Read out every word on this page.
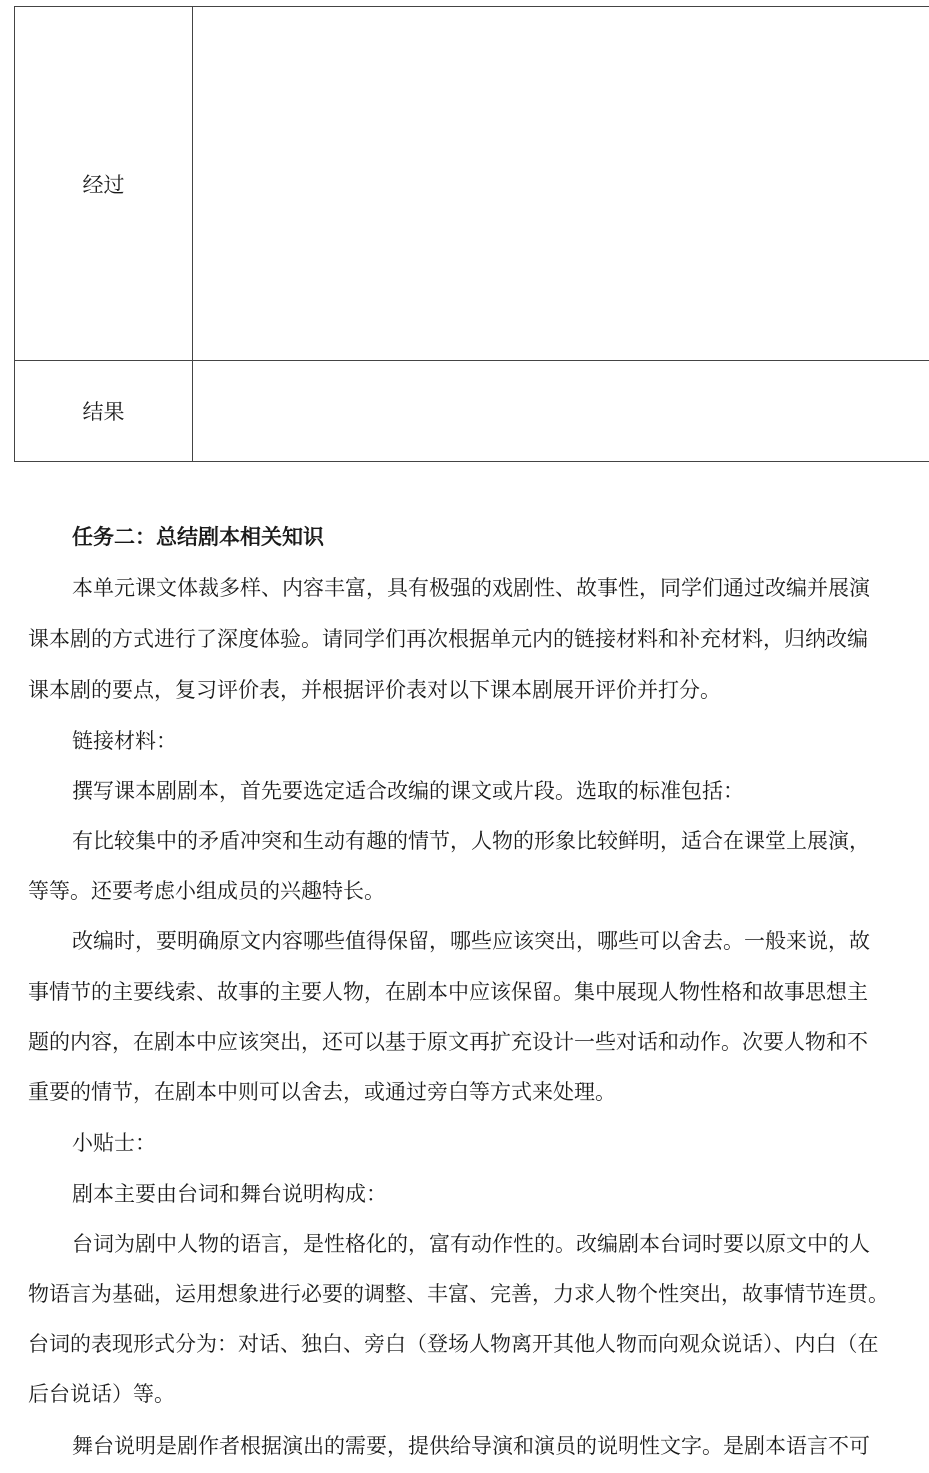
经过
结果
任务二：总结剧本相关知识
本单元课文体裁多样、内容丰富，具有极强的戏剧性、故事性，同学们通过改编并展演
课本剧的方式进行了深度体验。请同学们再次根据单元内的链接材料和补充材料，归纳改编
课本剧的要点，复习评价表，并根据评价表对以下课本剧展开评价并打分。
链接材料：
撰写课本剧剧本，首先要选定适合改编的课文或片段。选取的标准包括：
有比较集中的矛盾冲突和生动有趣的情节，人物的形象比较鲜明，适合在课堂上展演，
等等。还要考虑小组成员的兴趣特长。
改编时，要明确原文内容哪些值得保留，哪些应该突出，哪些可以舍去。一般来说，故
事情节的主要线索、故事的主要人物，在剧本中应该保留。集中展现人物性格和故事思想主
题的内容，在剧本中应该突出，还可以基于原文再扩充设计一些对话和动作。次要人物和不
重要的情节，在剧本中则可以舍去，或通过旁白等方式来处理。
小贴士：
剧本主要由台词和舞台说明构成：
台词为剧中人物的语言，是性格化的，富有动作性的。改编剧本台词时要以原文中的人
物语言为基础，运用想象进行必要的调整、丰富、完善，力求人物个性突出，故事情节连贯。
台词的表现形式分为：对话、独白、旁白（登场人物离开其他人物而向观众说话）、内白（在
后台说话）等。
舞台说明是剧作者根据演出的需要，提供给导演和演员的说明性文字。是剧本语言不可
